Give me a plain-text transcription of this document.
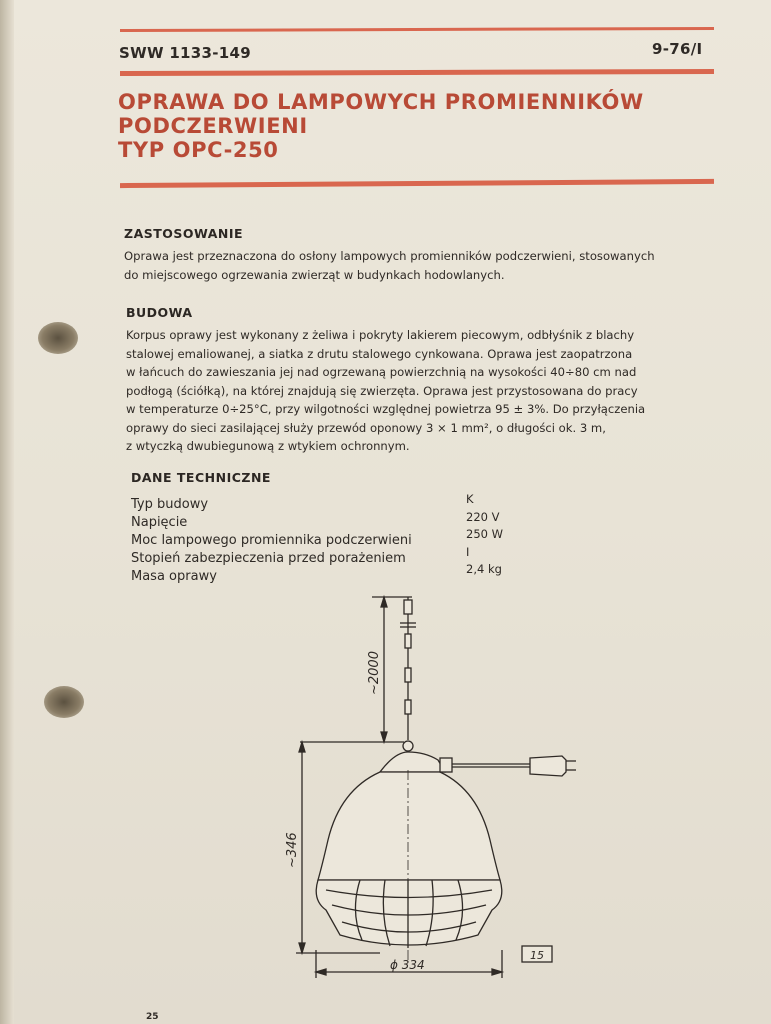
SWW 1133-149	9-76/I
OPRAWA DO LAMPOWYCH PROMIENNIKÓW
PODCZERWIENI
TYP OPC-250
ZASTOSOWANIE
Oprawa jest przeznaczona do osłony lampowych promienników podczerwieni, stosowanych
do miejscowego ogrzewania zwierząt w budynkach hodowlanych.
BUDOWA
Korpus oprawy jest wykonany z żeliwa i pokryty lakierem piecowym, odbłyśnik z blachy
stalowej emaliowanej, a siatka z drutu stalowego cynkowana. Oprawa jest zaopatrzona
w łańcuch do zawieszania jej nad ogrzewaną powierzchnią na wysokości 40÷80 cm nad
podłogą (ściółką), na której znajdują się zwierzęta. Oprawa jest przystosowana do pracy
w temperaturze 0÷25°C, przy wilgotności względnej powietrza 95 ± 3%. Do przyłączenia
oprawy do sieci zasilającej służy przewód oponowy 3 × 1 mm², o długości ok. 3 m,
z wtyczką dwubiegunową z wtykiem ochronnym.
DANE TECHNICZNE
Typ budowy
Napięcie
Moc lampowego promiennika podczerwieni
Stopień zabezpieczenia przed porażeniem
Masa oprawy
K
220 V
250 W
I
2,4 kg
~2000
~346
ϕ 334
15
25
